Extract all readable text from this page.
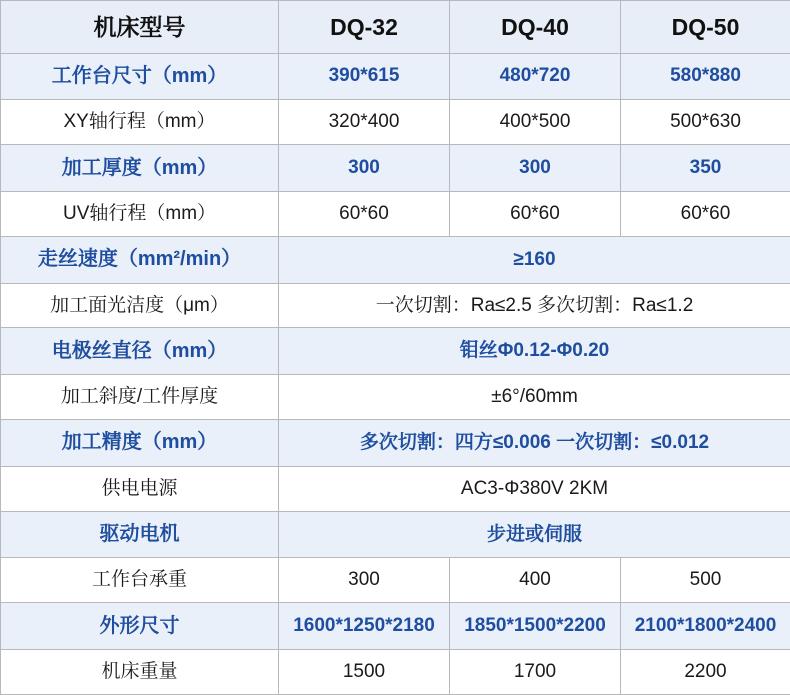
机床型号	DQ-32	DQ-40	DQ-50
工作台尺寸（mm）	390*615	480*720	580*880
XY轴行程（mm）	320*400	400*500	500*630
加工厚度（mm）	300	300	350
UV轴行程（mm）	60*60	60*60	60*60
走丝速度（mm²/min）	≥160		
加工面光洁度（μm）	一次切割：Ra≤2.5 多次切割：Ra≤1.2		
电极丝直径（mm）	钼丝Φ0.12-Φ0.20		
加工斜度/工件厚度	±6°/60mm		
加工精度（mm）	多次切割：四方≤0.006 一次切割：≤0.012		
供电电源	AC3-Φ380V 2KM		
驱动电机	步进或伺服		
工作台承重	300	400	500
外形尺寸	1600*1250*2180	1850*1500*2200	2100*1800*2400
机床重量	1500	1700	2200
